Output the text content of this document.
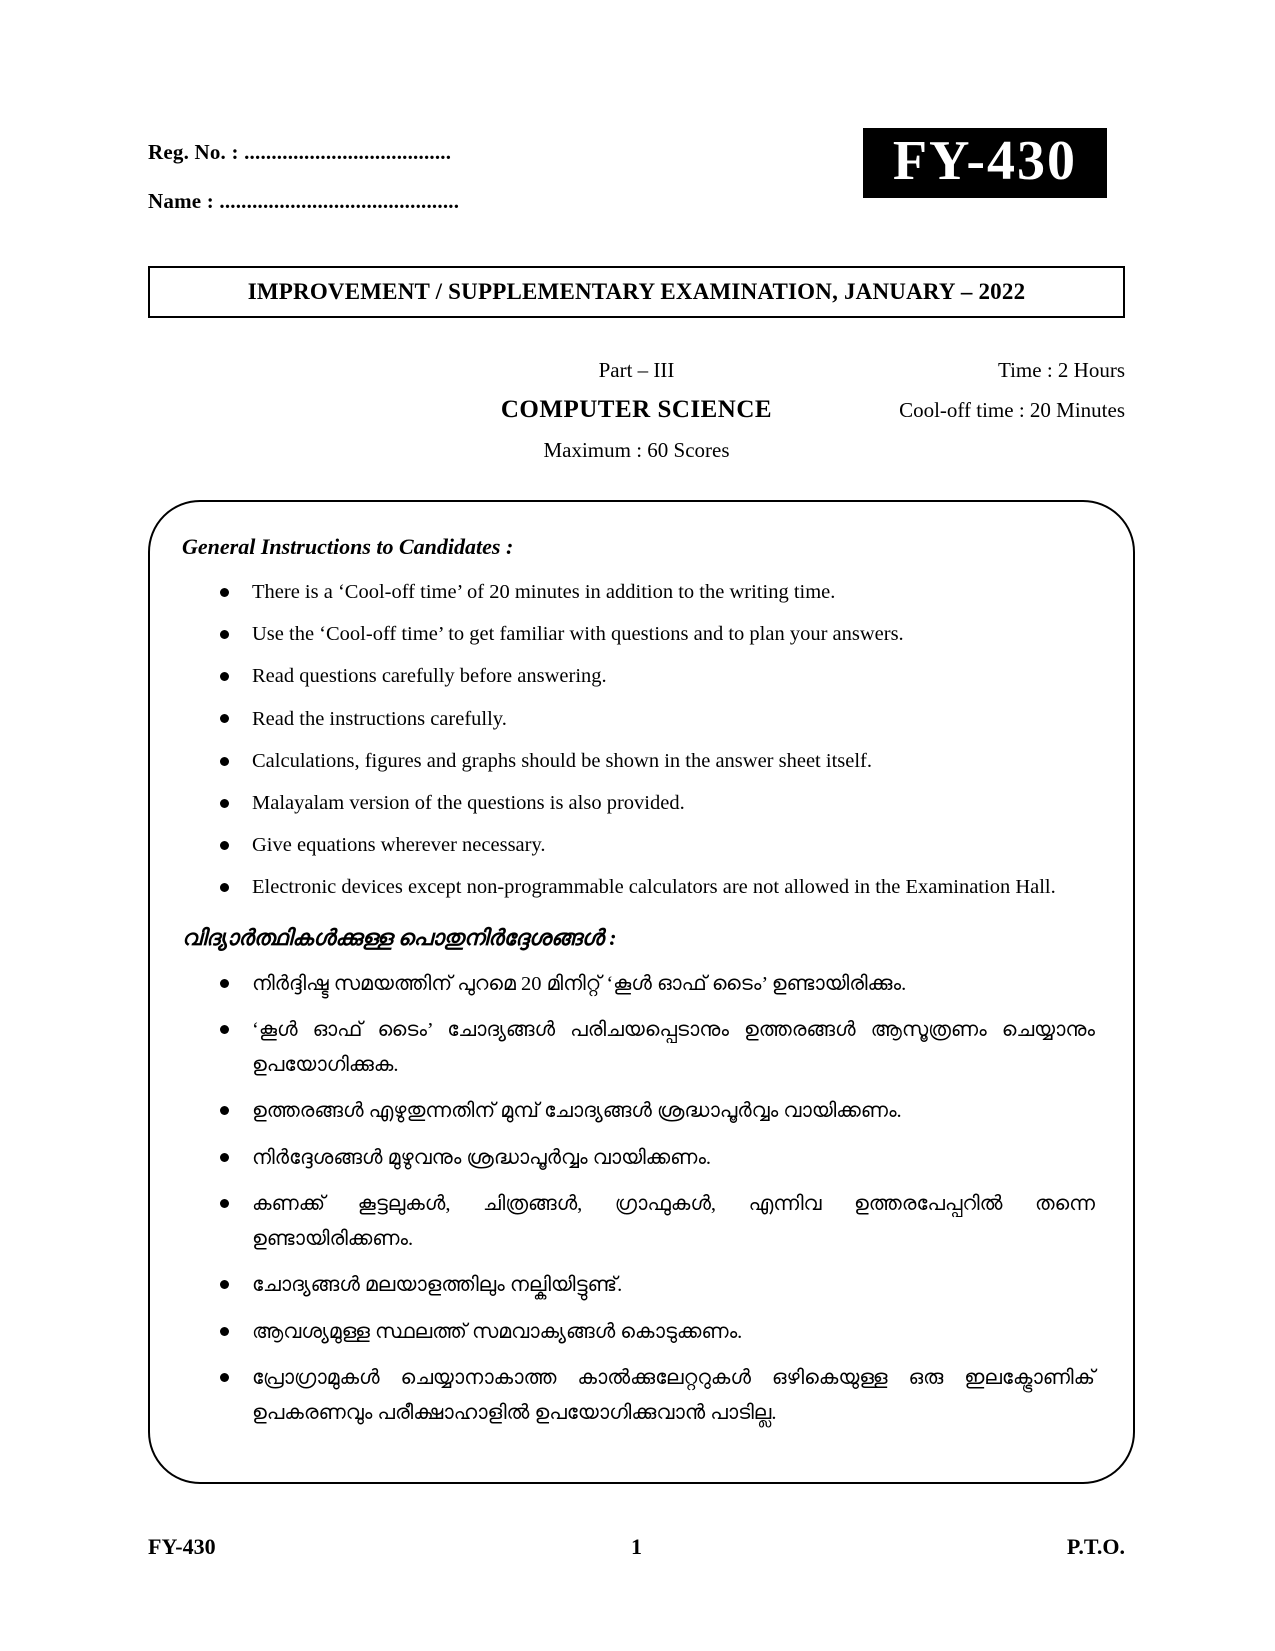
Reg. No. : ......................................
Name : ............................................
FY-430
IMPROVEMENT / SUPPLEMENTARY EXAMINATION, JANUARY – 2022
Part – III
COMPUTER SCIENCE
Maximum : 60 Scores
Time : 2 Hours
Cool-off time : 20 Minutes
General Instructions to Candidates :
There is a ‘Cool-off time’ of 20 minutes in addition to the writing time.
Use the ‘Cool-off time’ to get familiar with questions and to plan your answers.
Read questions carefully before answering.
Read the instructions carefully.
Calculations, figures and graphs should be shown in the answer sheet itself.
Malayalam version of the questions is also provided.
Give equations wherever necessary.
Electronic devices except non-programmable calculators are not allowed in the Examination Hall.
വിദ്യാർത്ഥികൾക്കുള്ള പൊതുനിർദ്ദേശങ്ങൾ :
നിർദ്ദിഷ്ട സമയത്തിന് പുറമെ 20 മിനിറ്റ് ‘കൂൾ ഓഫ് ടൈം’ ഉണ്ടായിരിക്കും.
‘കൂൾ ഓഫ് ടൈം’ ചോദ്യങ്ങൾ പരിചയപ്പെടാനും ഉത്തരങ്ങൾ ആസൂത്രണം ചെയ്യാനും ഉപയോഗിക്കുക.
ഉത്തരങ്ങൾ എഴുതുന്നതിന് മുമ്പ് ചോദ്യങ്ങൾ ശ്രദ്ധാപൂർവ്വം വായിക്കണം.
നിർദ്ദേശങ്ങൾ മുഴുവനും ശ്രദ്ധാപൂർവ്വം വായിക്കണം.
കണക്ക് കൂട്ടലുകൾ, ചിത്രങ്ങൾ, ഗ്രാഫുകൾ, എന്നിവ ഉത്തരപേപ്പറിൽ തന്നെ ഉണ്ടായിരിക്കണം.
ചോദ്യങ്ങൾ മലയാളത്തിലും നല്കിയിട്ടുണ്ട്.
ആവശ്യമുള്ള സ്ഥലത്ത് സമവാക്യങ്ങൾ കൊടുക്കണം.
പ്രോഗ്രാമുകൾ ചെയ്യാനാകാത്ത കാൽക്കുലേറ്ററുകൾ ഒഴികെയുള്ള ഒരു ഇലക്ട്രോണിക് ഉപകരണവും പരീക്ഷാഹാളിൽ ഉപയോഗിക്കുവാൻ പാടില്ല.
FY-430	1	P.T.O.
